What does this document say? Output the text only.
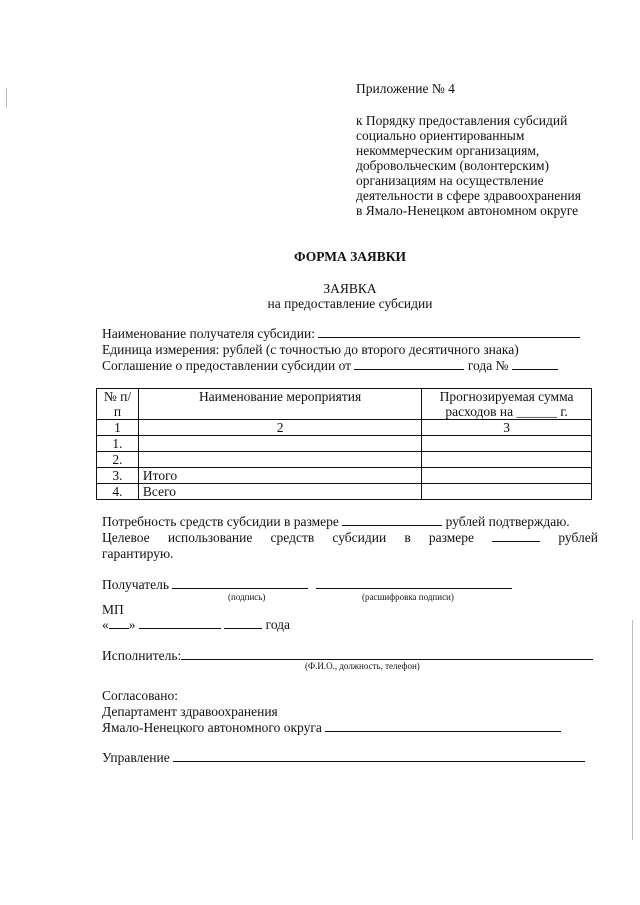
Приложение № 4
к Порядку предоставления субсидий
социально ориентированным
некоммерческим организациям,
добровольческим (волонтерским)
организациям на осуществление
деятельности в сфере здравоохранения
в Ямало-Ненецком автономном округе
ФОРМА ЗАЯВКИ
ЗАЯВКА
на предоставление субсидии
Наименование получателя субсидии:
Единица измерения: рублей (с точностью до второго десятичного знака)
Соглашение о предоставлении субсидии от	года №
№ п/п	Наименование мероприятия	Прогнозируемая сумма расходов на ______ г.
1	2	3
1.		
2.		
3.	Итого	
4.	Всего	
Потребность средств субсидии в размере	рублей подтверждаю.
Целевое использование средств субсидии в размере	рублей
гарантирую.
Получатель
(подпись)	(расшифровка подписи)
МП
« »	года
Исполнитель:
(Ф.И.О., должность, телефон)
Согласовано:
Департамент здравоохранения
Ямало-Ненецкого автономного округа
Управление
